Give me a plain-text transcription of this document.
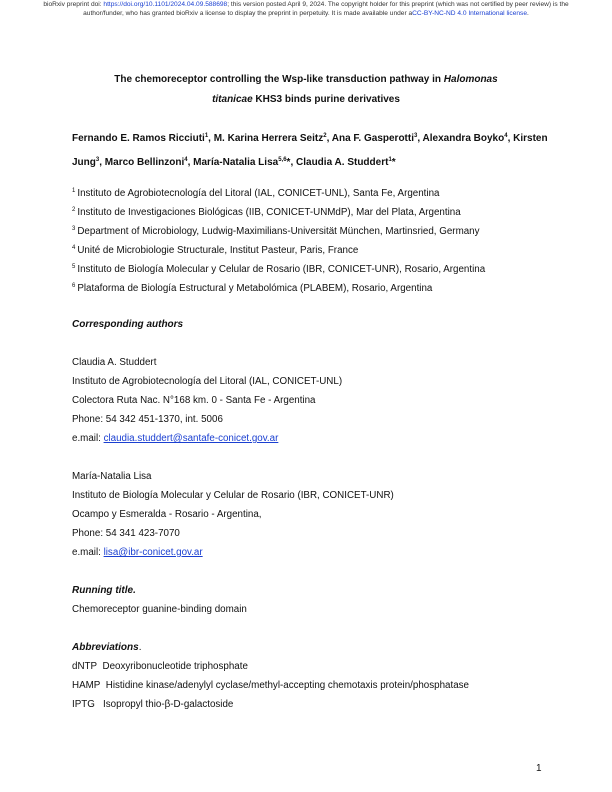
bioRxiv preprint doi: https://doi.org/10.1101/2024.04.09.588698; this version posted April 9, 2024. The copyright holder for this preprint (which was not certified by peer review) is the author/funder, who has granted bioRxiv a license to display the preprint in perpetuity. It is made available under aCC-BY-NC-ND 4.0 International license.
The chemoreceptor controlling the Wsp-like transduction pathway in Halomonas
titanicae KHS3 binds purine derivatives
Fernando E. Ramos Ricciuti$^1$, M. Karina Herrera Seitz$^2$, Ana F. Gasperotti$^3$, Alexandra Boyko$^4$, Kirsten Jung$^3$, Marco Bellinzoni$^4$, María-Natalia Lisa$^{5,6}$*, Claudia A. Studdert$^1$*
$^1$ Instituto de Agrobiotecnología del Litoral (IAL, CONICET-UNL), Santa Fe, Argentina
$^2$ Instituto de Investigaciones Biológicas (IIB, CONICET-UNMdP), Mar del Plata, Argentina
$^3$ Department of Microbiology, Ludwig-Maximilians-Universität München, Martinsried, Germany
$^4$ Unité de Microbiologie Structurale, Institut Pasteur, Paris, France
$^5$ Instituto de Biología Molecular y Celular de Rosario (IBR, CONICET-UNR), Rosario, Argentina
$^6$ Plataforma de Biología Estructural y Metabolómica (PLABEM), Rosario, Argentina
Corresponding authors
Claudia A. Studdert
Instituto de Agrobiotecnología del Litoral (IAL, CONICET-UNL)
Colectora Ruta Nac. N°168 km. 0 - Santa Fe - Argentina
Phone: 54 342 451-1370, int. 5006
e.mail: claudia.studdert@santafe-conicet.gov.ar
María-Natalia Lisa
Instituto de Biología Molecular y Celular de Rosario (IBR, CONICET-UNR)
Ocampo y Esmeralda - Rosario - Argentina,
Phone: 54 341 423-7070
e.mail: lisa@ibr-conicet.gov.ar
Running title.
Chemoreceptor guanine-binding domain
Abbreviations.
dNTP Deoxyribonucleotide triphosphate
HAMP Histidine kinase/adenylyl cyclase/methyl-accepting chemotaxis protein/phosphatase
IPTG Isopropyl thio-β-D-galactoside
1
